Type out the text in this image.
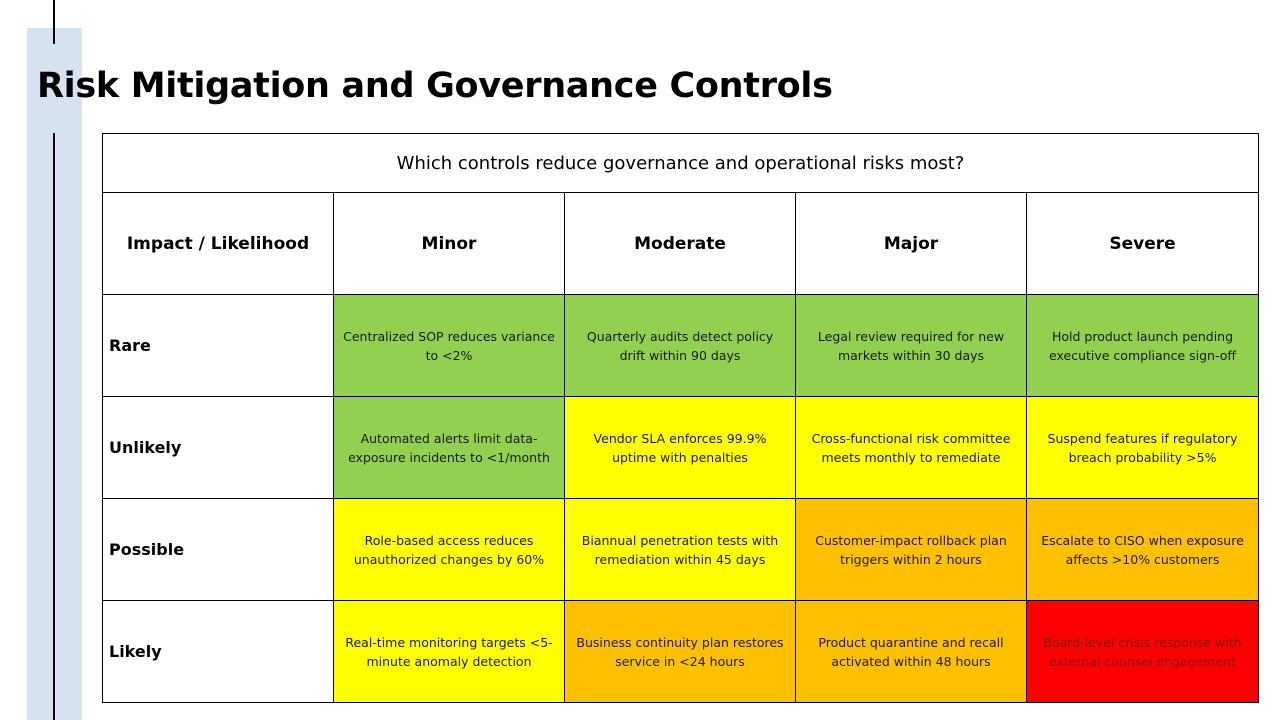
Risk Mitigation and Governance Controls
Which controls reduce governance and operational risks most?				
Impact / Likelihood	Minor	Moderate	Major	Severe
Rare	Centralized SOP reduces variance to <2%	Quarterly audits detect policy drift within 90 days	Legal review required for new markets within 30 days	Hold product launch pending executive compliance sign-off
Unlikely	Automated alerts limit data-exposure incidents to <1/month	Vendor SLA enforces 99.9% uptime with penalties	Cross-functional risk committee meets monthly to remediate	Suspend features if regulatory breach probability >5%
Possible	Role-based access reduces unauthorized changes by 60%	Biannual penetration tests with remediation within 45 days	Customer-impact rollback plan triggers within 2 hours	Escalate to CISO when exposure affects >10% customers
Likely	Real-time monitoring targets <5-minute anomaly detection	Business continuity plan restores service in <24 hours	Product quarantine and recall activated within 48 hours	Board-level crisis response with external counsel engagement
